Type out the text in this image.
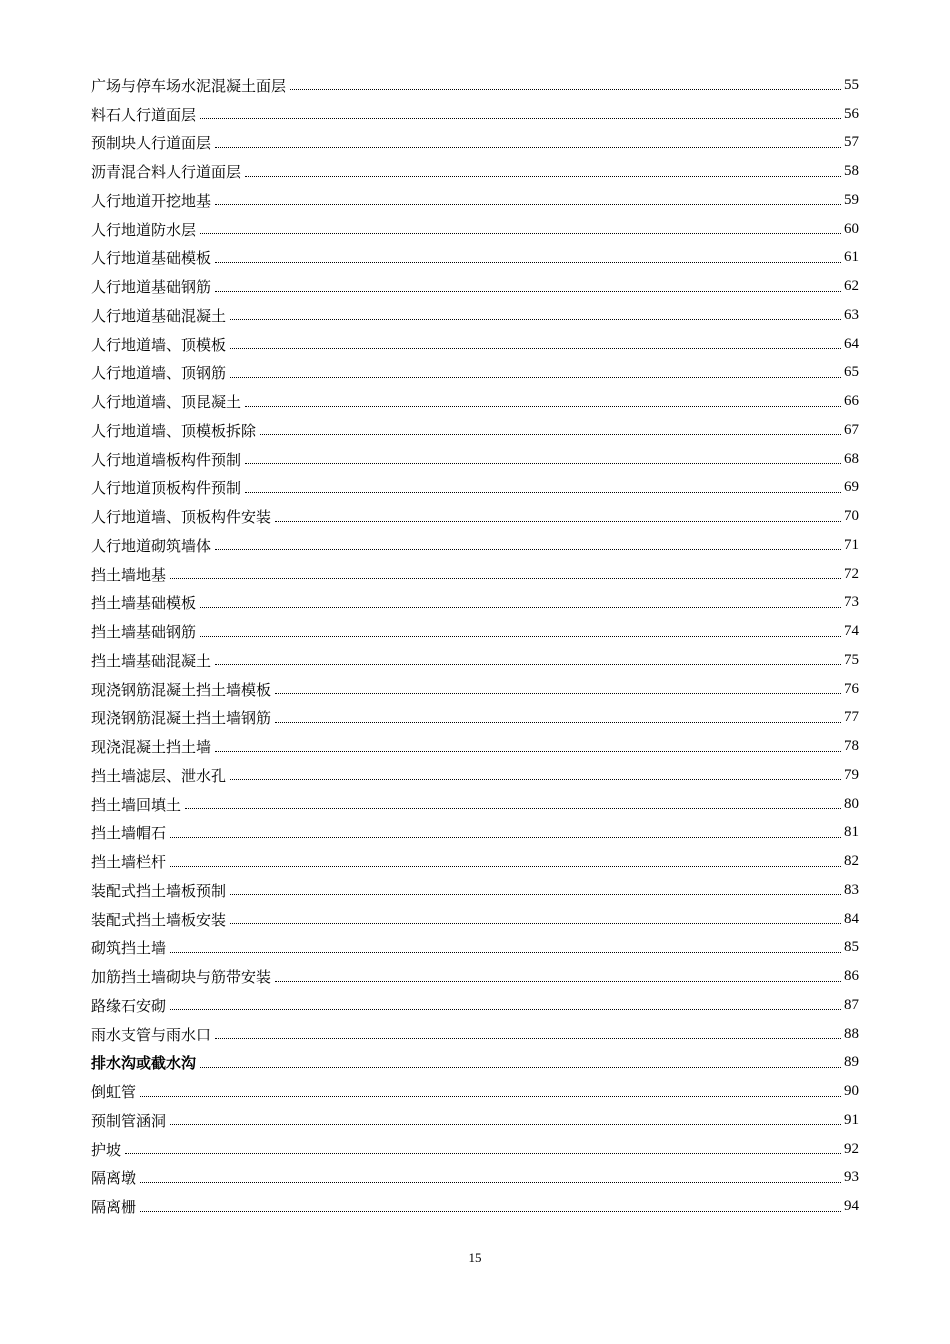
广场与停车场水泥混凝土面层	55
料石人行道面层	56
预制块人行道面层	57
沥青混合料人行道面层	58
人行地道开挖地基	59
人行地道防水层	60
人行地道基础模板	61
人行地道基础钢筋	62
人行地道基础混凝土	63
人行地道墙、顶模板	64
人行地道墙、顶钢筋	65
人行地道墙、顶昆凝土	66
人行地道墙、顶模板拆除	67
人行地道墙板构件预制	68
人行地道顶板构件预制	69
人行地道墙、顶板构件安装	70
人行地道砌筑墙体	71
挡土墙地基	72
挡土墙基础模板	73
挡土墙基础钢筋	74
挡土墙基础混凝土	75
现浇钢筋混凝土挡土墙模板	76
现浇钢筋混凝土挡土墙钢筋	77
现浇混凝土挡土墙	78
挡土墙滤层、泄水孔	79
挡土墙回填土	80
挡土墙帽石	81
挡土墙栏杆	82
装配式挡土墙板预制	83
装配式挡土墙板安装	84
砌筑挡土墙	85
加筋挡土墙砌块与筋带安装	86
路缘石安砌	87
雨水支管与雨水口	88
排水沟或截水沟	89
倒虹管	90
预制管涵洞	91
护坡	92
隔离墩	93
隔离栅	94
15
